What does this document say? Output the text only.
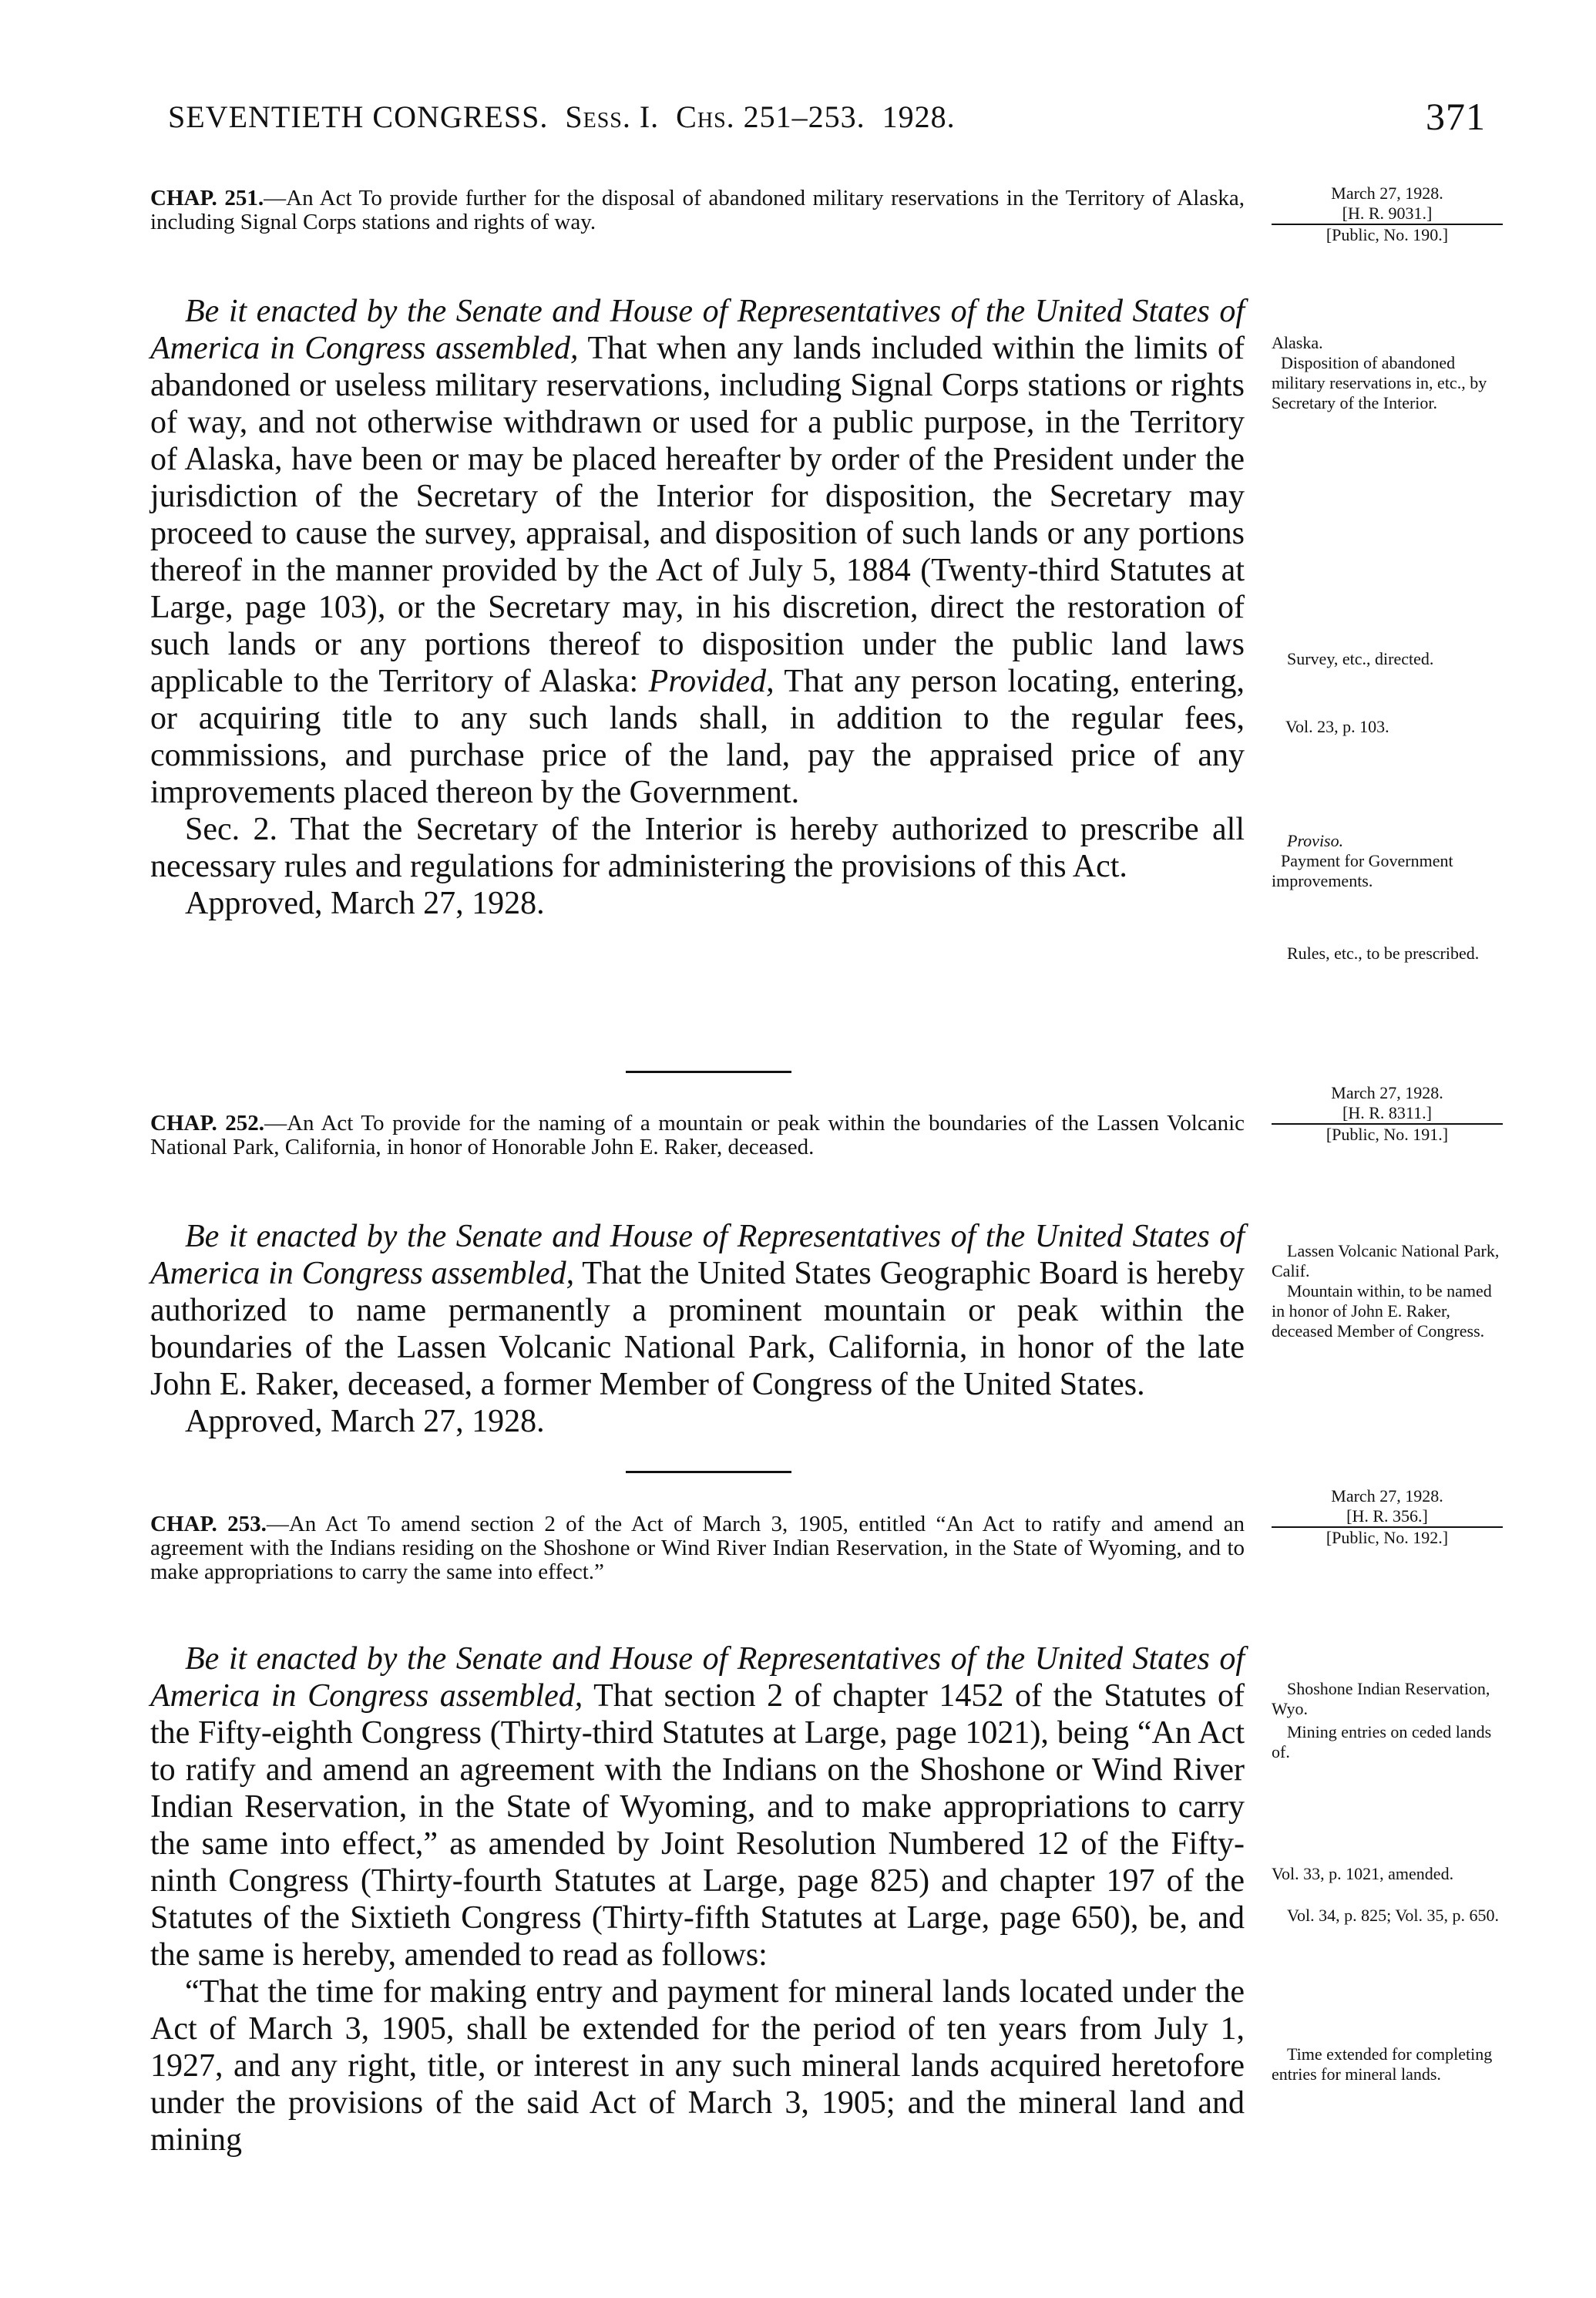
SEVENTIETH CONGRESS. Sess. I. Chs. 251–253. 1928.	371
CHAP. 251.—An Act To provide further for the disposal of abandoned military reservations in the Territory of Alaska, including Signal Corps stations and rights of way.
March 27, 1928.
[H. R. 9031.]
[Public, No. 190.]
Be it enacted by the Senate and House of Representatives of the United States of America in Congress assembled, That when any lands included within the limits of abandoned or useless military reservations, including Signal Corps stations or rights of way, and not otherwise withdrawn or used for a public purpose, in the Territory of Alaska, have been or may be placed hereafter by order of the President under the jurisdiction of the Secretary of the Interior for disposition, the Secretary may proceed to cause the survey, appraisal, and disposition of such lands or any portions thereof in the manner provided by the Act of July 5, 1884 (Twenty-third Statutes at Large, page 103), or the Secretary may, in his discretion, direct the restoration of such lands or any portions thereof to disposition under the public land laws applicable to the Territory of Alaska: Provided, That any person locating, entering, or acquiring title to any such lands shall, in addition to the regular fees, commissions, and purchase price of the land, pay the appraised price of any improvements placed thereon by the Government.
Sec. 2. That the Secretary of the Interior is hereby authorized to prescribe all necessary rules and regulations for administering the provisions of this Act.
Approved, March 27, 1928.
Alaska.
Disposition of abandoned military reservations in, etc., by Secretary of the Interior.
Survey, etc., directed.
Vol. 23, p. 103.
Proviso.
Payment for Government improvements.
Rules, etc., to be prescribed.
March 27, 1928.
[H. R. 8311.]
[Public, No. 191.]
CHAP. 252.—An Act To provide for the naming of a mountain or peak within the boundaries of the Lassen Volcanic National Park, California, in honor of Honorable John E. Raker, deceased.
Be it enacted by the Senate and House of Representatives of the United States of America in Congress assembled, That the United States Geographic Board is hereby authorized to name permanently a prominent mountain or peak within the boundaries of the Lassen Volcanic National Park, California, in honor of the late John E. Raker, deceased, a former Member of Congress of the United States.
Approved, March 27, 1928.
Lassen Volcanic National Park, Calif.
Mountain within, to be named in honor of John E. Raker, deceased Member of Congress.
March 27, 1928.
[H. R. 356.]
[Public, No. 192.]
CHAP. 253.—An Act To amend section 2 of the Act of March 3, 1905, entitled “An Act to ratify and amend an agreement with the Indians residing on the Shoshone or Wind River Indian Reservation, in the State of Wyoming, and to make appropriations to carry the same into effect.”
Be it enacted by the Senate and House of Representatives of the United States of America in Congress assembled, That section 2 of chapter 1452 of the Statutes of the Fifty-eighth Congress (Thirty-third Statutes at Large, page 1021), being “An Act to ratify and amend an agreement with the Indians on the Shoshone or Wind River Indian Reservation, in the State of Wyoming, and to make appropriations to carry the same into effect,” as amended by Joint Resolution Numbered 12 of the Fifty-ninth Congress (Thirty-fourth Statutes at Large, page 825) and chapter 197 of the Statutes of the Sixtieth Congress (Thirty-fifth Statutes at Large, page 650), be, and the same is hereby, amended to read as follows:
“That the time for making entry and payment for mineral lands located under the Act of March 3, 1905, shall be extended for the period of ten years from July 1, 1927, and any right, title, or interest in any such mineral lands acquired heretofore under the provisions of the said Act of March 3, 1905; and the mineral land and mining
Shoshone Indian Reservation, Wyo.
Mining entries on ceded lands of.
Vol. 33, p. 1021, amended.
Vol. 34, p. 825; Vol. 35, p. 650.
Time extended for completing entries for mineral lands.
